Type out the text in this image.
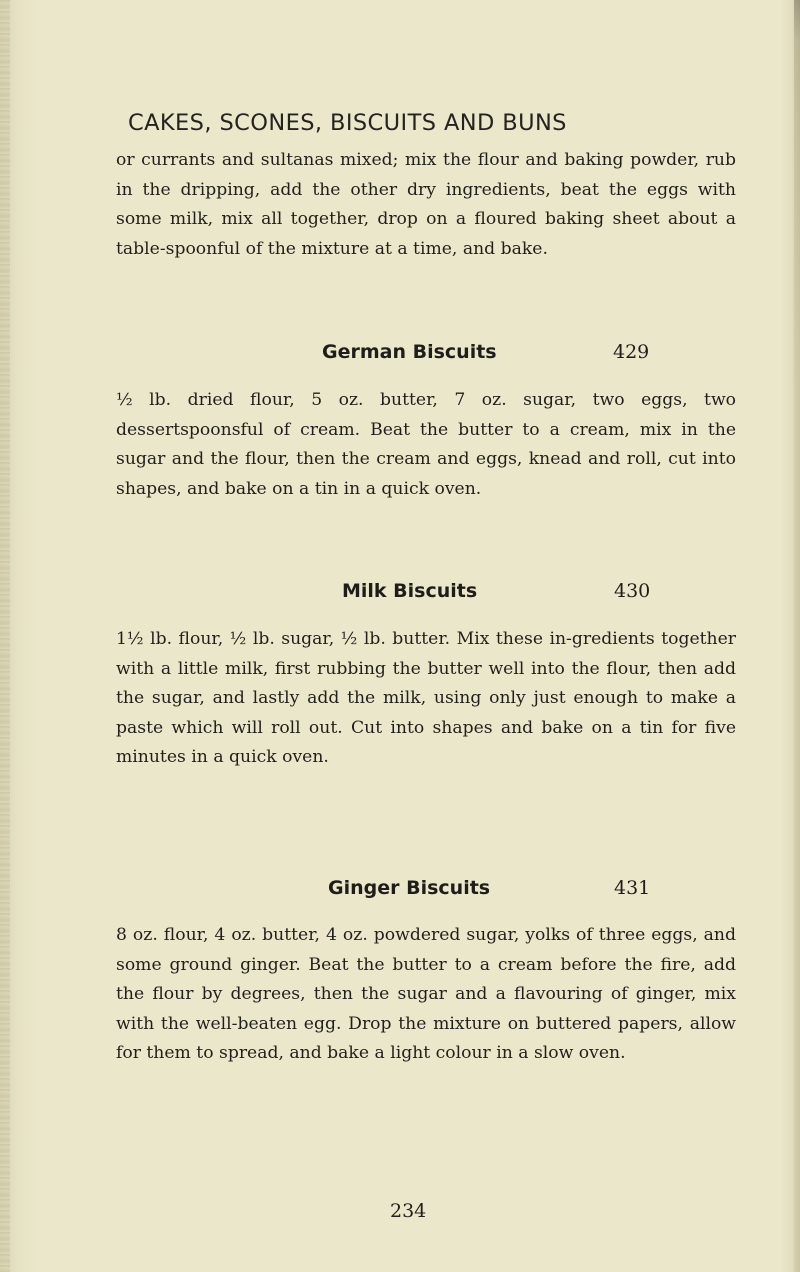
CAKES, SCONES, BISCUITS AND BUNS
or currants and sultanas mixed; mix the flour and baking powder, rub in the dripping, add the other dry ingredients, beat the eggs with some milk, mix all together, drop on a floured baking sheet about a table-spoonful of the mixture at a time, and bake.
German Biscuits	429
½ lb. dried flour, 5 oz. butter, 7 oz. sugar, two eggs, two dessertspoonsful of cream. Beat the butter to a cream, mix in the sugar and the flour, then the cream and eggs, knead and roll, cut into shapes, and bake on a tin in a quick oven.
Milk Biscuits	430
1½ lb. flour, ½ lb. sugar, ½ lb. butter. Mix these in-gredients together with a little milk, first rubbing the butter well into the flour, then add the sugar, and lastly add the milk, using only just enough to make a paste which will roll out. Cut into shapes and bake on a tin for five minutes in a quick oven.
Ginger Biscuits	431
8 oz. flour, 4 oz. butter, 4 oz. powdered sugar, yolks of three eggs, and some ground ginger. Beat the butter to a cream before the fire, add the flour by degrees, then the sugar and a flavouring of ginger, mix with the well-beaten egg. Drop the mixture on buttered papers, allow for them to spread, and bake a light colour in a slow oven.
234
